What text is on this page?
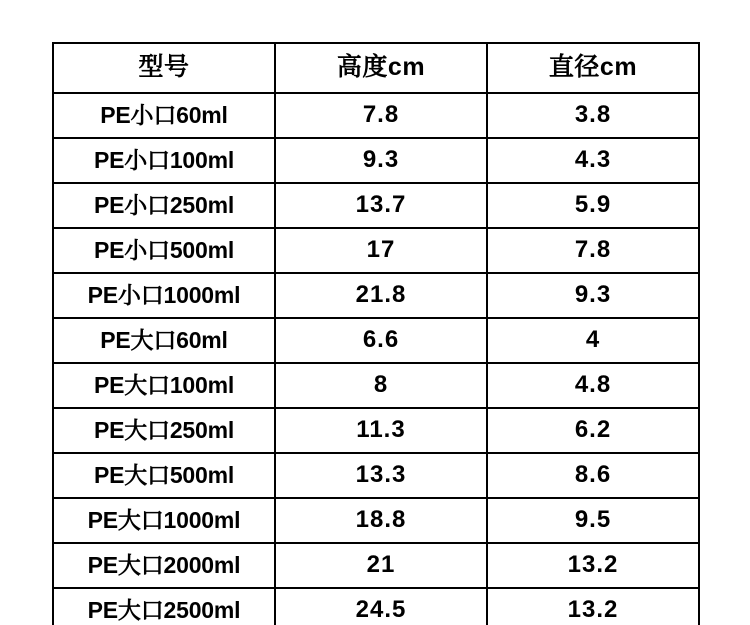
型号	高度cm	直径cm
PE小口60ml	7.8	3.8
PE小口100ml	9.3	4.3
PE小口250ml	13.7	5.9
PE小口500ml	17	7.8
PE小口1000ml	21.8	9.3
PE大口60ml	6.6	4
PE大口100ml	8	4.8
PE大口250ml	11.3	6.2
PE大口500ml	13.3	8.6
PE大口1000ml	18.8	9.5
PE大口2000ml	21	13.2
PE大口2500ml	24.5	13.2
